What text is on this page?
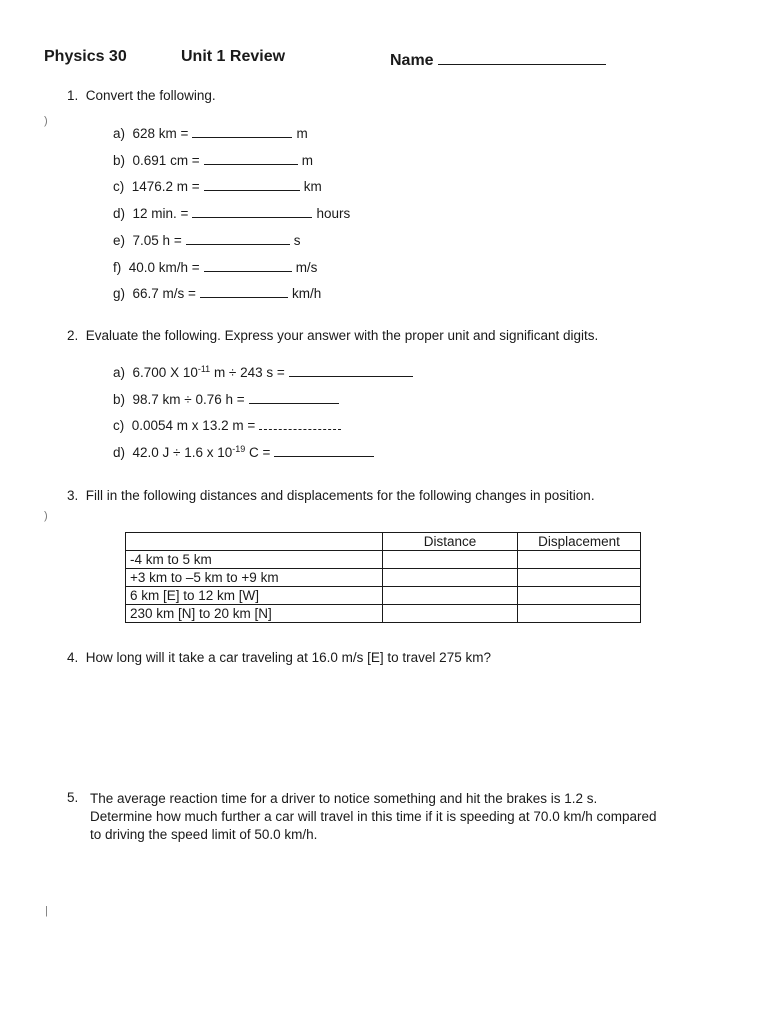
Physics 30	Unit 1 Review	Name
1. Convert the following.
a) 628 km =	m
b) 0.691 cm =	m
c) 1476.2 m =	km
d) 12 min. =	hours
e) 7.05 h =	s
f) 40.0 km/h =	m/s
g) 66.7 m/s =	km/h
2. Evaluate the following. Express your answer with the proper unit and significant digits.
a) 6.700 X $10^{-11}$ m ÷ 243 s =
b) 98.7 km ÷ 0.76 h =
c) 0.0054 m x 13.2 m =
d) 42.0 J ÷ 1.6 x $10^{-19}$ C =
3. Fill in the following distances and displacements for the following changes in position.
	Distance	Displacement
-4 km to 5 km		
+3 km to –5 km to +9 km		
6 km [E] to 12 km [W]		
230 km [N] to 20 km [N]		
4. How long will it take a car traveling at 16.0 m/s [E] to travel 275 km?
5. The average reaction time for a driver to notice something and hit the brakes is 1.2 s.
Determine how much further a car will travel in this time if it is speeding at 70.0 km/h compared
to driving the speed limit of 50.0 km/h.
)
)
|
